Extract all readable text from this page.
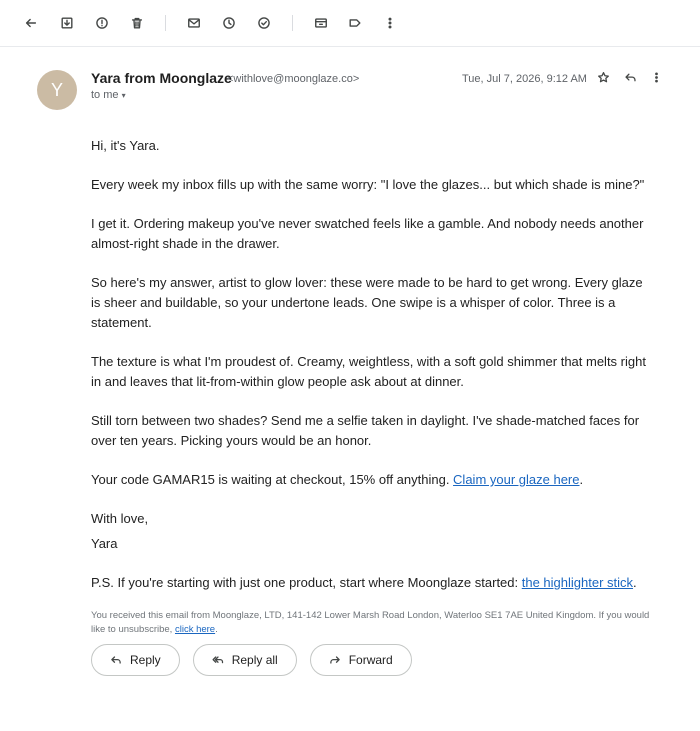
Y
Yara from Moonglaze
<withlove@moonglaze.co>
to me ▾
Tue, Jul 7, 2026, 9:12 AM

Hi, it's Yara.

Every week my inbox fills up with the same worry: "I love the glazes... but which shade is mine?"

I get it. Ordering makeup you've never swatched feels like a gamble. And nobody needs another almost-right shade in the drawer.

So here's my answer, artist to glow lover: these were made to be hard to get wrong. Every glaze is sheer and buildable, so your undertone leads. One swipe is a whisper of color. Three is a statement.

The texture is what I'm proudest of. Creamy, weightless, with a soft gold shimmer that melts right in and leaves that lit-from-within glow people ask about at dinner.

Still torn between two shades? Send me a selfie taken in daylight. I've shade-matched faces for over ten years. Picking yours would be an honor.

Your code GAMAR15 is waiting at checkout, 15% off anything. Claim your glaze here.

With love,

Yara

P.S. If you're starting with just one product, start where Moonglaze started: the highlighter stick.

You received this email from Moonglaze, LTD, 141-142 Lower Marsh Road London, Waterloo SE1 7AE United Kingdom. If you would like to unsubscribe, click here.
Reply	Reply all	Forward
